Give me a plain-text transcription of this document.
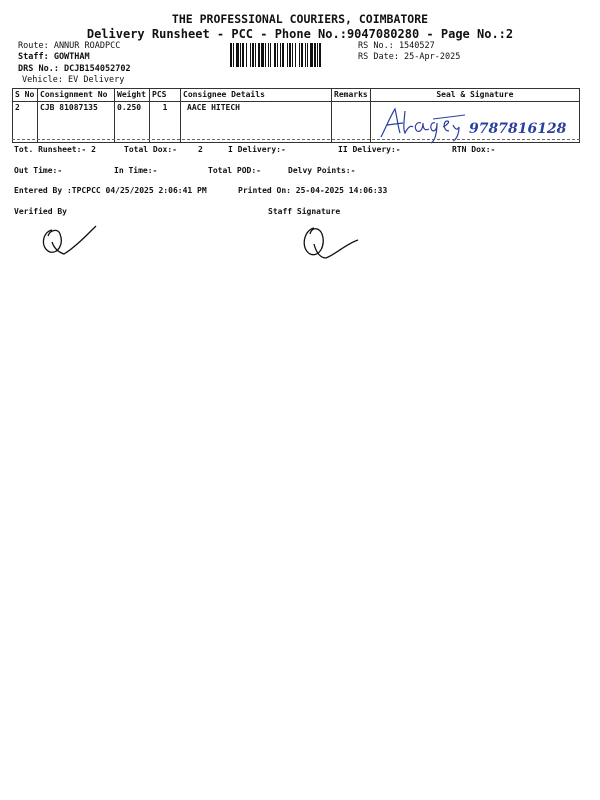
THE PROFESSIONAL COURIERS, COIMBATORE
Delivery Runsheet - PCC - Phone No.:9047080280 - Page No.:2
Route: ANNUR ROADPCC
Staff: GOWTHAM
DRS No.: DCJB154052702
Vehicle: EV Delivery
RS No.: 1540527
RS Date: 25-Apr-2025
S No	Consignment No	Weight	PCS	Consignee Details	Remarks	Seal & Signature
2	CJB 81087135	0.250	1	AACE HITECH		9787816128
Tot. Runsheet:- 2	Total Dox:-	2	I Delivery:-	II Delivery:-	RTN Dox:-
Out Time:-	In Time:-	Total POD:-	Delvy Points:-
Entered By :TPCPCC 04/25/2025 2:06:41 PM	Printed On: 25-04-2025 14:06:33
Verified By	Staff Signature
